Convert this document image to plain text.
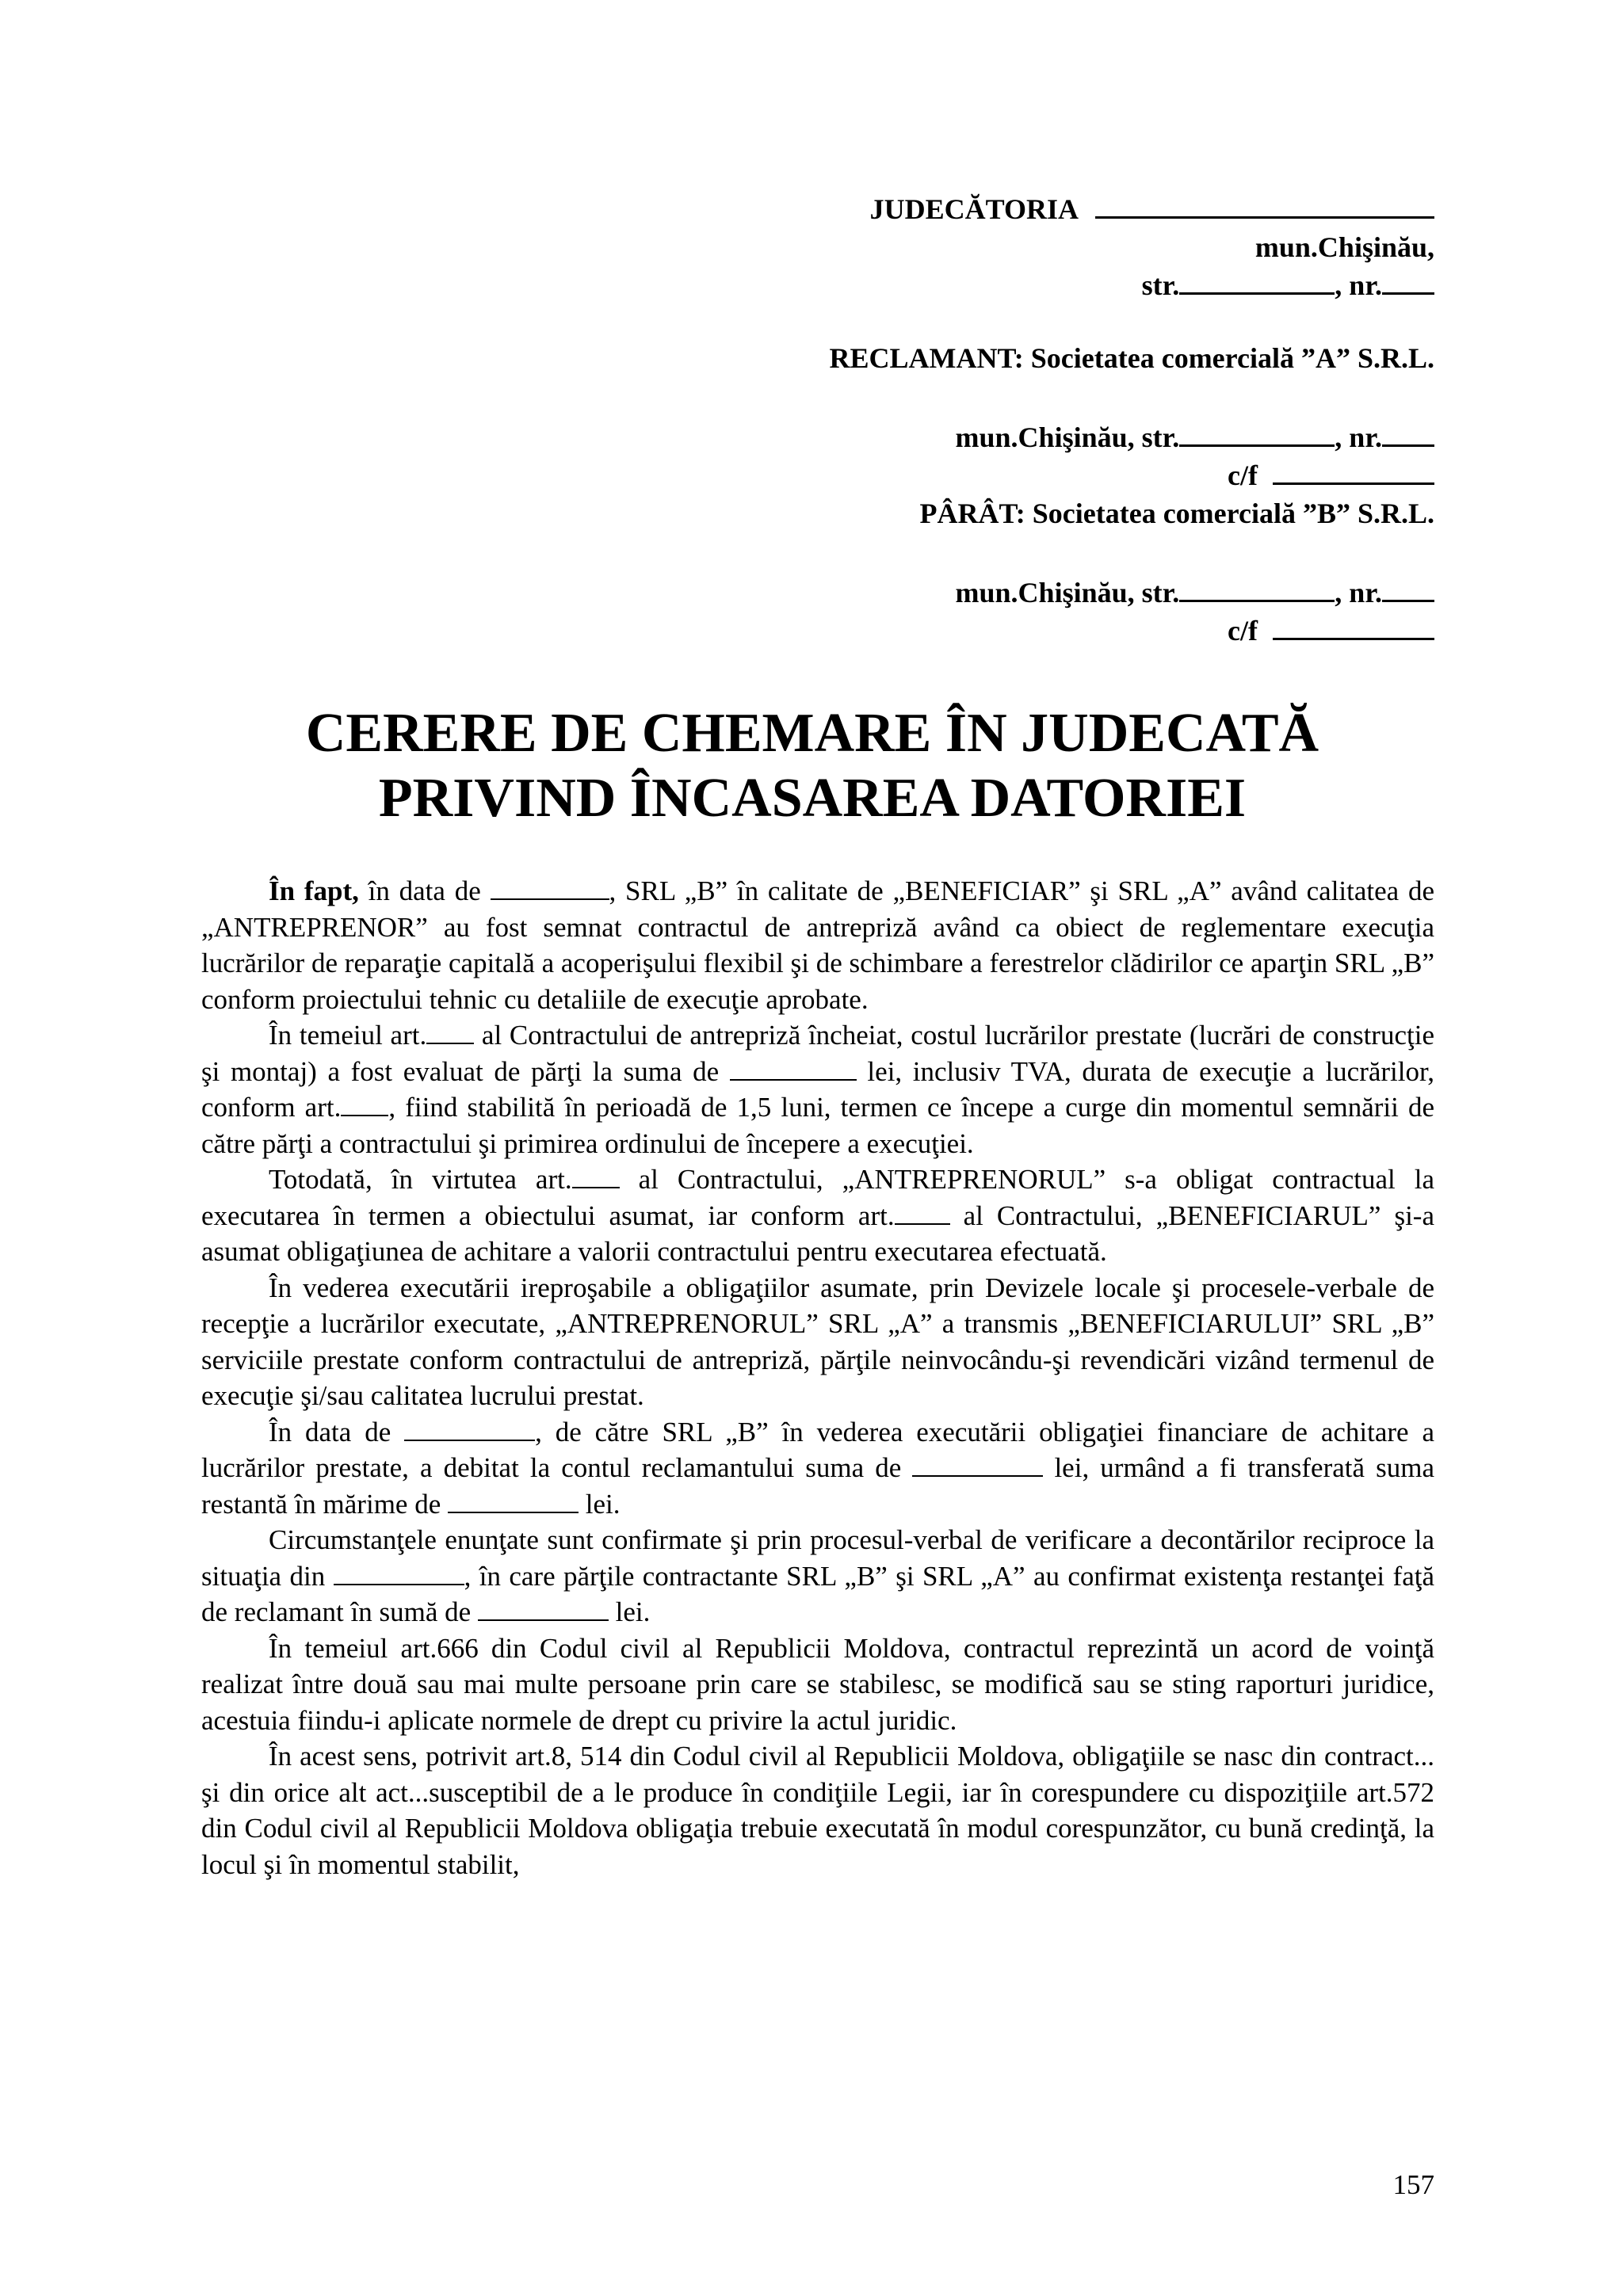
JUDECĂTORIA
mun.Chişinău,
str.	, nr.
RECLAMANT: Societatea comercială ”A” S.R.L.
mun.Chişinău, str.	, nr.
c/f
PÂRÂT: Societatea comercială ”B” S.R.L.
mun.Chişinău, str.	, nr.
c/f
CERERE DE CHEMARE ÎN JUDECATĂ
PRIVIND ÎNCASAREA DATORIEI

În fapt, în data de	, SRL „B” în calitate de „BENEFICIAR” şi SRL „A” având calitatea de „ANTREPRENOR” au fost semnat contractul de antrepriză având ca obiect de reglementare execuţia lucrărilor de reparaţie capitală a acoperişului flexibil şi de schimbare a ferestrelor clădirilor ce aparţin SRL „B” conform proiectului tehnic cu detaliile de execuţie aprobate.

În temeiul art. al Contractului de antrepriză încheiat, costul lucrărilor prestate (lucrări de construcţie şi montaj) a fost evaluat de părţi la suma de	lei, inclusiv TVA, durata de execuţie a lucrărilor, conform art. , fiind stabilită în perioadă de 1,5 luni, termen ce începe a curge din momentul semnării de către părţi a contractului şi primirea ordinului de începere a execuţiei.

Totodată, în virtutea art. al Contractului, „ANTREPRENORUL” s-a obligat contractual la executarea în termen a obiectului asumat, iar conform art. al Contractului, „BENEFICIARUL” şi-a asumat obligaţiunea de achitare a valorii contractului pentru executarea efectuată.

În vederea executării ireproşabile a obligaţiilor asumate, prin Devizele locale şi procesele-verbale de recepţie a lucrărilor executate, „ANTREPRENORUL” SRL „A” a transmis „BENEFICIARULUI” SRL „B” serviciile prestate conform contractului de antrepriză, părţile neinvocându-şi revendicări vizând termenul de execuţie şi/sau calitatea lucrului prestat.

În data de	, de către SRL „B” în vederea executării obligaţiei financiare de achitare a lucrărilor prestate, a debitat la contul reclamantului suma de	lei, urmând a fi transferată suma restantă în mărime de	lei.

Circumstanţele enunţate sunt confirmate şi prin procesul-verbal de verificare a decontărilor reciproce la situaţia din	, în care părţile contractante SRL „B” şi SRL „A” au confirmat existenţa restanţei faţă de reclamant în sumă de	lei.

În temeiul art.666 din Codul civil al Republicii Moldova, contractul reprezintă un acord de voinţă realizat între două sau mai multe persoane prin care se stabilesc, se modifică sau se sting raporturi juridice, acestuia fiindu-i aplicate normele de drept cu privire la actul juridic.

În acest sens, potrivit art.8, 514 din Codul civil al Republicii Moldova, obligaţiile se nasc din contract... şi din orice alt act...susceptibil de a le produce în condiţiile Legii, iar în corespundere cu dispoziţiile art.572 din Codul civil al Republicii Moldova obligaţia trebuie executată în modul corespunzător, cu bună credinţă, la locul şi în momentul stabilit,

157
